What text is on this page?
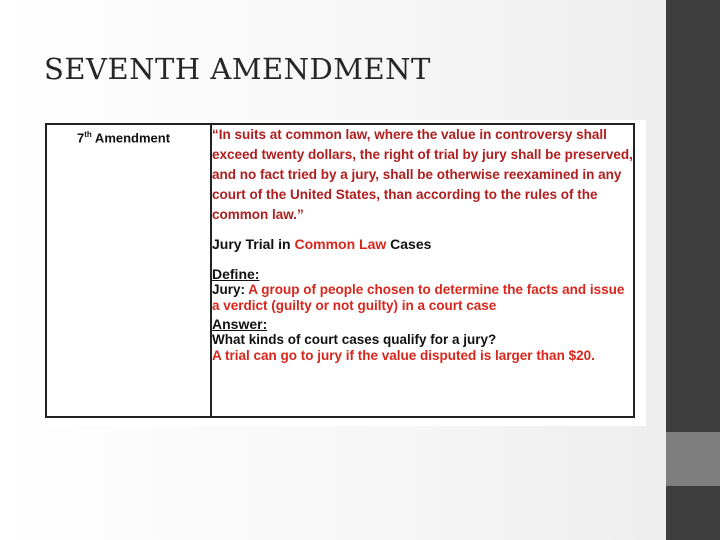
SEVENTH AMENDMENT
7th Amendment	“In suits at common law, where the value in controversy shall exceed twenty dollars, the right of trial by jury shall be preserved, and no fact tried by a jury, shall be otherwise reexamined in any court of the United States, than according to the rules of the common law.”

Jury Trial in Common Law Cases
Define:
Jury: A group of people chosen to determine the facts and issue a verdict (guilty or not guilty) in a court case
Answer:
What kinds of court cases qualify for a jury?
A trial can go to jury if the value disputed is larger than $20.
